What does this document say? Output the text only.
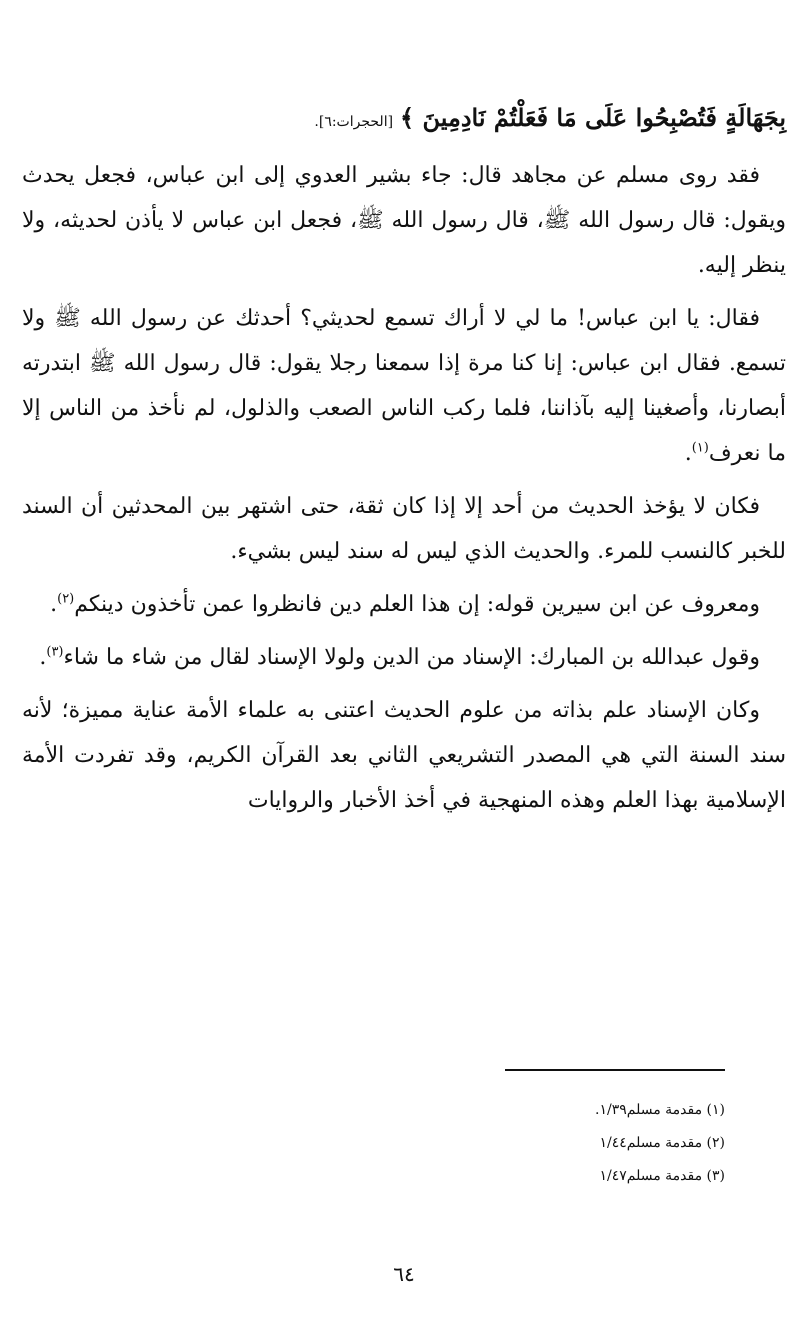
بِجَهَالَةٍ فَتُصْبِحُوا عَلَى مَا فَعَلْتُمْ نَادِمِينَ ﴾ [الحجرات:٦].

فقد روى مسلم عن مجاهد قال: جاء بشير العدوي إلى ابن عباس، فجعل يحدث ويقول: قال رسول الله ﷺ، قال رسول الله ﷺ، فجعل ابن عباس لا يأذن لحديثه، ولا ينظر إليه.

فقال: يا ابن عباس! ما لي لا أراك تسمع لحديثي؟ أحدثك عن رسول الله ﷺ ولا تسمع. فقال ابن عباس: إنا كنا مرة إذا سمعنا رجلا يقول: قال رسول الله ﷺ ابتدرته أبصارنا، وأصغينا إليه بآذاننا، فلما ركب الناس الصعب والذلول، لم نأخذ من الناس إلا ما نعرف$^{(١)}$.

فكان لا يؤخذ الحديث من أحد إلا إذا كان ثقة، حتى اشتهر بين المحدثين أن السند للخبر كالنسب للمرء. والحديث الذي ليس له سند ليس بشيء.

ومعروف عن ابن سيرين قوله: إن هذا العلم دين فانظروا عمن تأخذون دينكم$^{(٢)}$.

وقول عبدالله بن المبارك: الإسناد من الدين ولولا الإسناد لقال من شاء ما شاء$^{(٣)}$.

وكان الإسناد علم بذاته من علوم الحديث اعتنى به علماء الأمة عناية مميزة؛ لأنه سند السنة التي هي المصدر التشريعي الثاني بعد القرآن الكريم، وقد تفردت الأمة الإسلامية بهذا العلم وهذه المنهجية في أخذ الأخبار والروايات

(١) مقدمة مسلم١/٣٩.
(٢) مقدمة مسلم١/٤٤
(٣) مقدمة مسلم١/٤٧
٦٤
